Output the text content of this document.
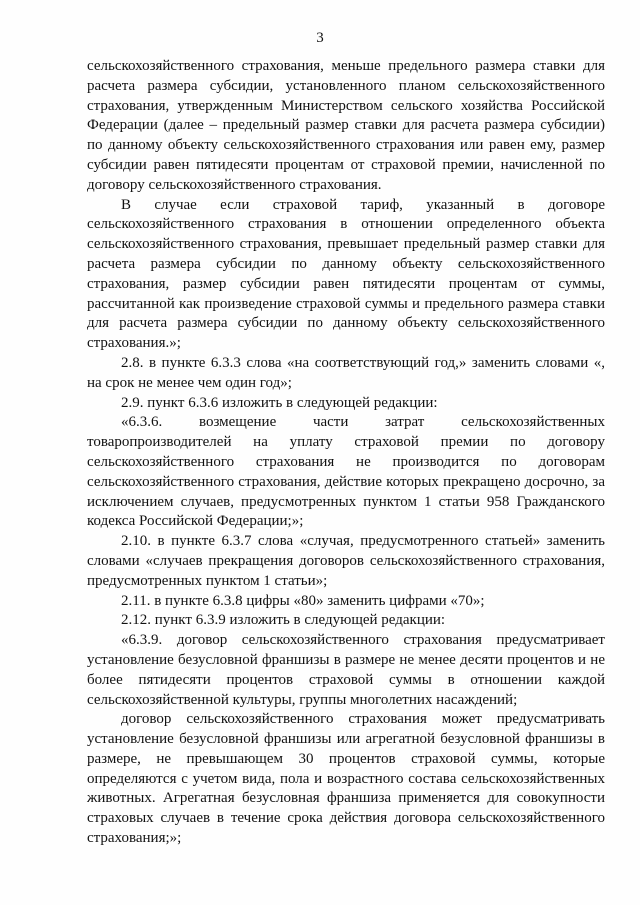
3

сельскохозяйственного страхования, меньше предельного размера ставки для расчета размера субсидии, установленного планом сельскохозяйственного страхования, утвержденным Министерством сельского хозяйства Российской Федерации (далее – предельный размер ставки для расчета размера субсидии) по данному объекту сельскохозяйственного страхования или равен ему, размер субсидии равен пятидесяти процентам от страховой премии, начисленной по договору сельскохозяйственного страхования.

В случае если страховой тариф, указанный в договоре сельскохозяйственного страхования в отношении определенного объекта сельскохозяйственного страхования, превышает предельный размер ставки для расчета размера субсидии по данному объекту сельскохозяйственного страхования, размер субсидии равен пятидесяти процентам от суммы, рассчитанной как произведение страховой суммы и предельного размера ставки для расчета размера субсидии по данному объекту сельскохозяйственного страхования.»;

2.8. в пункте 6.3.3 слова «на соответствующий год,» заменить словами «, на срок не менее чем один год»;

2.9. пункт 6.3.6 изложить в следующей редакции:

«6.3.6. возмещение части затрат сельскохозяйственных товаропроизводителей на уплату страховой премии по договору сельскохозяйственного страхования не производится по договорам сельскохозяйственного страхования, действие которых прекращено досрочно, за исключением случаев, предусмотренных пунктом 1 статьи 958 Гражданского кодекса Российской Федерации;»;

2.10. в пункте 6.3.7 слова «случая, предусмотренного статьей» заменить словами «случаев прекращения договоров сельскохозяйственного страхования, предусмотренных пунктом 1 статьи»;

2.11. в пункте 6.3.8 цифры «80» заменить цифрами «70»;

2.12. пункт 6.3.9 изложить в следующей редакции:

«6.3.9. договор сельскохозяйственного страхования предусматривает установление безусловной франшизы в размере не менее десяти процентов и не более пятидесяти процентов страховой суммы в отношении каждой сельскохозяйственной культуры, группы многолетних насаждений;

договор сельскохозяйственного страхования может предусматривать установление безусловной франшизы или агрегатной безусловной франшизы в размере, не превышающем 30 процентов страховой суммы, которые определяются с учетом вида, пола и возрастного состава сельскохозяйственных животных. Агрегатная безусловная франшиза применяется для совокупности страховых случаев в течение срока действия договора сельскохозяйственного страхования;»;
